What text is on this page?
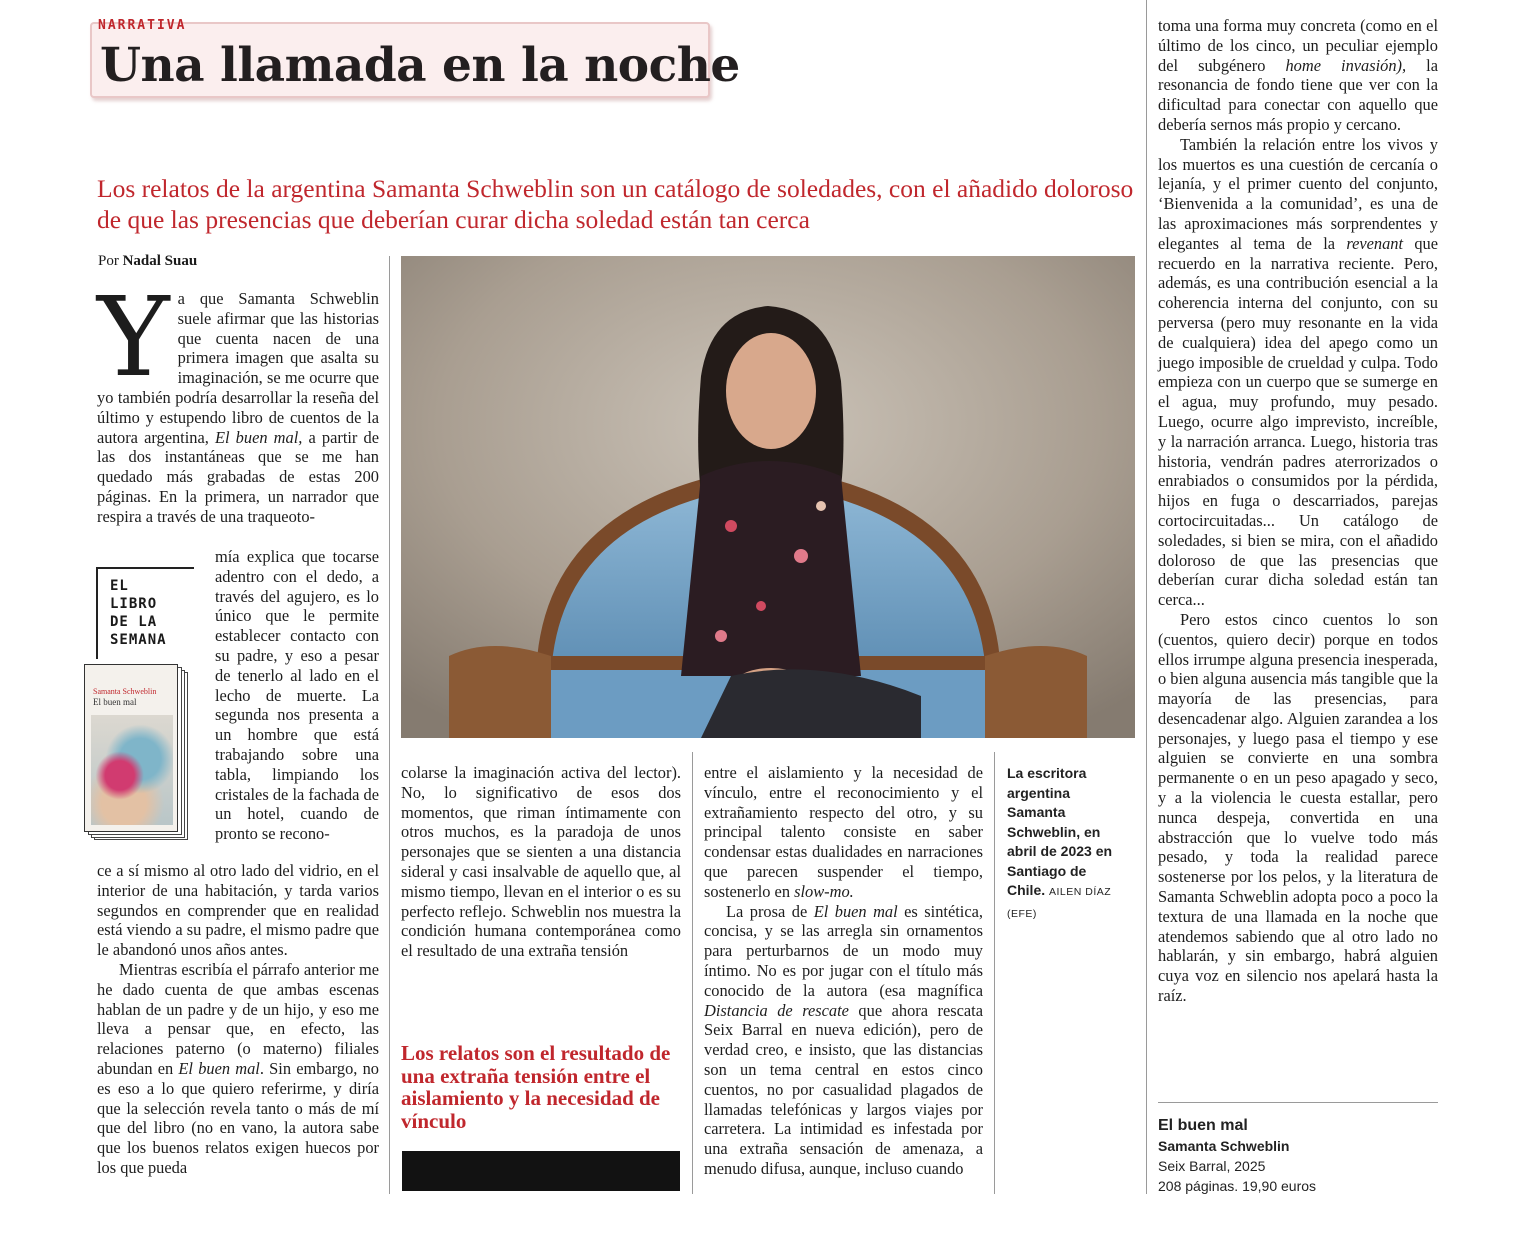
NARRATIVA
Una llamada en la noche

Los relatos de la argentina Samanta Schweblin son un catálogo de soledades, con el añadido doloroso de que las presencias que deberían curar dicha soledad están tan cerca

Por Nadal Suau
Ya que Samanta Schweblin suele afirmar que las historias que cuenta nacen de una primera imagen que asalta su imaginación, se me ocurre que yo también podría desarrollar la reseña del último y estupendo libro de cuentos de la autora argentina, El buen mal, a partir de las dos instantáneas que se me han quedado más grabadas de estas 200 páginas. En la primera, un narrador que respira a través de una traqueoto-
EL
LIBRO
DE LA
SEMANA
Samanta Schweblin
El buen mal

mía explica que tocarse adentro con el dedo, a través del agujero, es lo único que le permite establecer contacto con su padre, y eso a pesar de tenerlo al lado en el lecho de muerte. La segunda nos presenta a un hombre que está trabajando sobre una tabla, limpiando los cristales de la fachada de un hotel, cuando de pronto se recono-

ce a sí mismo al otro lado del vidrio, en el interior de una habitación, y tarda varios segundos en comprender que en realidad está viendo a su padre, el mismo padre que le abandonó unos años antes.

Mientras escribía el párrafo anterior me he dado cuenta de que ambas escenas hablan de un padre y de un hijo, y eso me lleva a pensar que, en efecto, las relaciones paterno (o materno) filiales abundan en El buen mal. Sin embargo, no es eso a lo que quiero referirme, y diría que la selección revela tanto o más de mí que del libro (no en vano, la autora sabe que los buenos relatos exigen huecos por los que pueda

colarse la imaginación activa del lector). No, lo significativo de esos dos momentos, que riman íntimamente con otros muchos, es la paradoja de unos personajes que se sienten a una distancia sideral y casi insalvable de aquello que, al mismo tiempo, llevan en el interior o es su perfecto reflejo. Schweblin nos muestra la condición humana contemporánea como el resultado de una extraña tensión

Los relatos son el resultado de una extraña tensión entre el aislamiento y la necesidad de vínculo

entre el aislamiento y la necesidad de vínculo, entre el reconocimiento y el extrañamiento respecto del otro, y su principal talento consiste en saber condensar estas dualidades en narraciones que parecen suspender el tiempo, sostenerlo en slow-mo.

La prosa de El buen mal es sintética, concisa, y se las arregla sin ornamentos para perturbarnos de un modo muy íntimo. No es por jugar con el título más conocido de la autora (esa magnífica Distancia de rescate que ahora rescata Seix Barral en nueva edición), pero de verdad creo, e insisto, que las distancias son un tema central en estos cinco cuentos, no por casualidad plagados de llamadas telefónicas y largos viajes por carretera. La intimidad es infestada por una extraña sensación de amenaza, a menudo difusa, aunque, incluso cuando

La escritora argentina Samanta Schweblin, en abril de 2023 en Santiago de Chile. AILEN DÍAZ (EFE)

toma una forma muy concreta (como en el último de los cinco, un peculiar ejemplo del subgénero home invasión), la resonancia de fondo tiene que ver con la dificultad para conectar con aquello que debería sernos más propio y cercano.

También la relación entre los vivos y los muertos es una cuestión de cercanía o lejanía, y el primer cuento del conjunto, ‘Bienvenida a la comunidad’, es una de las aproximaciones más sorprendentes y elegantes al tema de la revenant que recuerdo en la narrativa reciente. Pero, además, es una contribución esencial a la coherencia interna del conjunto, con su perversa (pero muy resonante en la vida de cualquiera) idea del apego como un juego imposible de crueldad y culpa. Todo empieza con un cuerpo que se sumerge en el agua, muy profundo, muy pesado. Luego, ocurre algo imprevisto, increíble, y la narración arranca. Luego, historia tras historia, vendrán padres aterrorizados o enrabiados o consumidos por la pérdida, hijos en fuga o descarriados, parejas cortocircuitadas... Un catálogo de soledades, si bien se mira, con el añadido doloroso de que las presencias que deberían curar dicha soledad están tan cerca...

Pero estos cinco cuentos lo son (cuentos, quiero decir) porque en todos ellos irrumpe alguna presencia inesperada, o bien alguna ausencia más tangible que la mayoría de las presencias, para desencadenar algo. Alguien zarandea a los personajes, y luego pasa el tiempo y ese alguien se convierte en una sombra permanente o en un peso apagado y seco, y a la violencia le cuesta estallar, pero nunca despeja, convertida en una abstracción que lo vuelve todo más pesado, y toda la realidad parece sostenerse por los pelos, y la literatura de Samanta Schweblin adopta poco a poco la textura de una llamada en la noche que atendemos sabiendo que al otro lado no hablarán, y sin embargo, habrá alguien cuya voz en silencio nos apelará hasta la raíz.

El buen mal
Samanta Schweblin
Seix Barral, 2025
208 páginas. 19,90 euros
